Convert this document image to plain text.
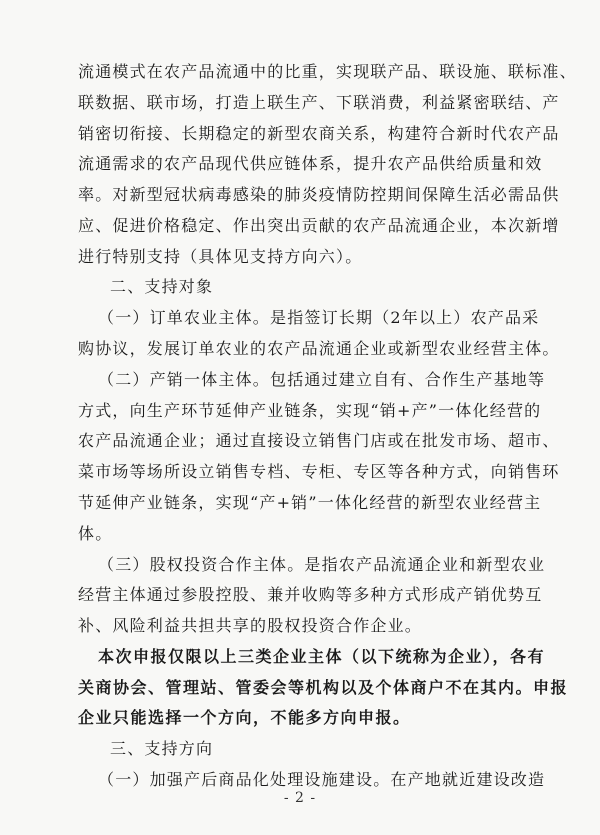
流通模式在农产品流通中的比重，实现联产品、联设施、联标准、
联数据、联市场，打造上联生产、下联消费，利益紧密联结、产
销密切衔接、长期稳定的新型农商关系，构建符合新时代农产品
流通需求的农产品现代供应链体系，提升农产品供给质量和效
率。对新型冠状病毒感染的肺炎疫情防控期间保障生活必需品供
应、促进价格稳定、作出突出贡献的农产品流通企业，本次新增
进行特别支持（具体见支持方向六）。
二、支持对象
（一）订单农业主体。是指签订长期（2年以上）农产品采
购协议，发展订单农业的农产品流通企业或新型农业经营主体。
（二）产销一体主体。包括通过建立自有、合作生产基地等
方式，向生产环节延伸产业链条，实现“销+产”一体化经营的
农产品流通企业；通过直接设立销售门店或在批发市场、超市、
菜市场等场所设立销售专档、专柜、专区等各种方式，向销售环
节延伸产业链条，实现“产+销”一体化经营的新型农业经营主
体。
（三）股权投资合作主体。是指农产品流通企业和新型农业
经营主体通过参股控股、兼并收购等多种方式形成产销优势互
补、风险利益共担共享的股权投资合作企业。
本次申报仅限以上三类企业主体（以下统称为企业），各有
关商协会、管理站、管委会等机构以及个体商户不在其内。申报
企业只能选择一个方向，不能多方向申报。
三、支持方向
（一）加强产后商品化处理设施建设。在产地就近建设改造
- 2 -
